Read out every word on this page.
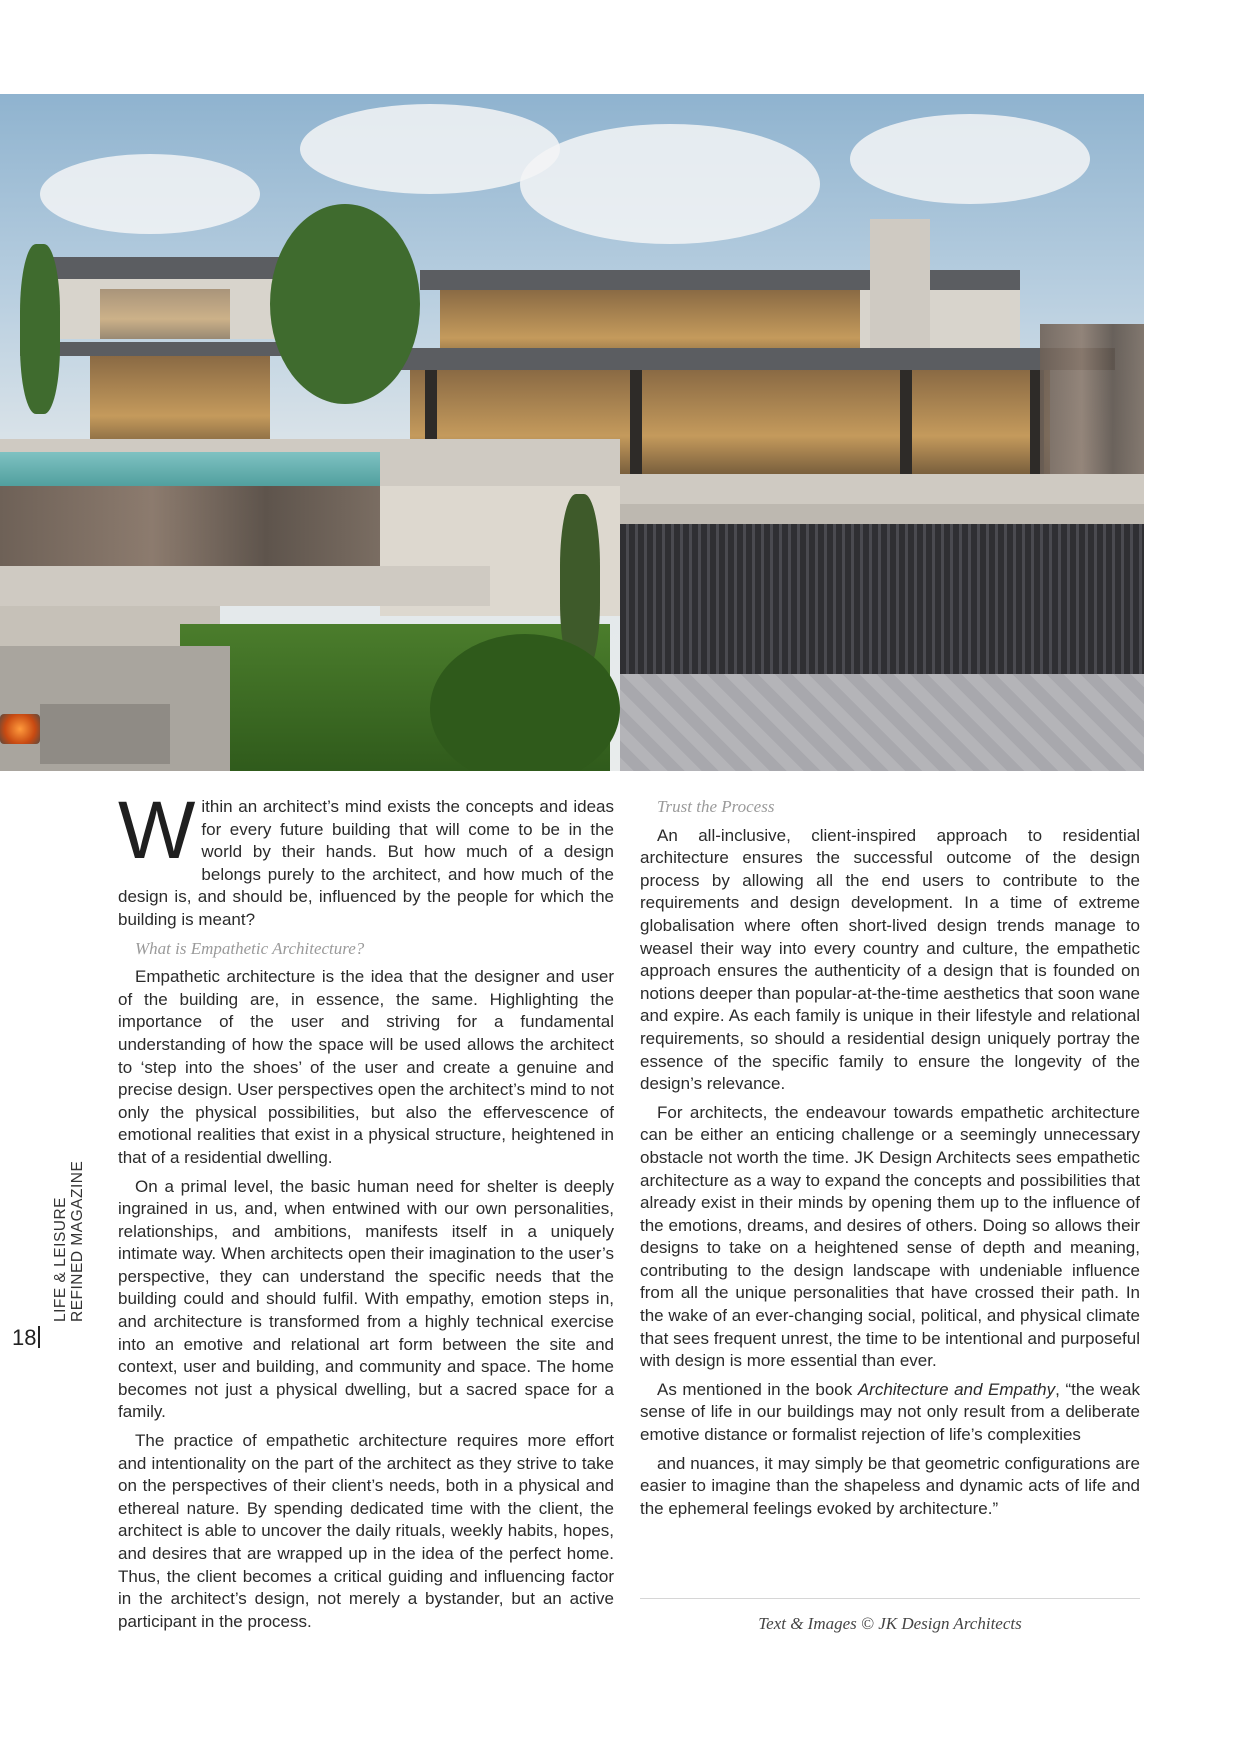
LIFE & LEISURE REFINED MAGAZINE
18

Within an architect’s mind exists the concepts and ideas for every future building that will come to be in the world by their hands. But how much of a design belongs purely to the architect, and how much of the design is, and should be, influenced by the people for which the building is meant?

What is Empathetic Architecture?

Empathetic architecture is the idea that the designer and user of the building are, in essence, the same. Highlighting the importance of the user and striving for a fundamental understanding of how the space will be used allows the architect to ‘step into the shoes’ of the user and create a genuine and precise design. User perspectives open the architect’s mind to not only the physical possibilities, but also the effervescence of emotional realities that exist in a physical structure, heightened in that of a residential dwelling.

On a primal level, the basic human need for shelter is deeply ingrained in us, and, when entwined with our own personalities, relationships, and ambitions, manifests itself in a uniquely intimate way. When architects open their imagination to the user’s perspective, they can understand the specific needs that the building could and should fulfil. With empathy, emotion steps in, and architecture is transformed from a highly technical exercise into an emotive and relational art form between the site and context, user and building, and community and space. The home becomes not just a physical dwelling, but a sacred space for a family.

The practice of empathetic architecture requires more effort and intentionality on the part of the architect as they strive to take on the perspectives of their client’s needs, both in a physical and ethereal nature. By spending dedicated time with the client, the architect is able to uncover the daily rituals, weekly habits, hopes, and desires that are wrapped up in the idea of the perfect home. Thus, the client becomes a critical guiding and influencing factor in the architect’s design, not merely a bystander, but an active participant in the process.

Trust the Process

An all-inclusive, client-inspired approach to residential architecture ensures the successful outcome of the design process by allowing all the end users to contribute to the requirements and design development. In a time of extreme globalisation where often short-lived design trends manage to weasel their way into every country and culture, the empathetic approach ensures the authenticity of a design that is founded on notions deeper than popular-at-the-time aesthetics that soon wane and expire. As each family is unique in their lifestyle and relational requirements, so should a residential design uniquely portray the essence of the specific family to ensure the longevity of the design’s relevance.

For architects, the endeavour towards empathetic architecture can be either an enticing challenge or a seemingly unnecessary obstacle not worth the time. JK Design Architects sees empathetic architecture as a way to expand the concepts and possibilities that already exist in their minds by opening them up to the influence of the emotions, dreams, and desires of others. Doing so allows their designs to take on a heightened sense of depth and meaning, contributing to the design landscape with undeniable influence from all the unique personalities that have crossed their path. In the wake of an ever-changing social, political, and physical climate that sees frequent unrest, the time to be intentional and purposeful with design is more essential than ever.

As mentioned in the book Architecture and Empathy, “the weak sense of life in our buildings may not only result from a deliberate emotive distance or formalist rejection of life’s complexities

and nuances, it may simply be that geometric configurations are easier to imagine than the shapeless and dynamic acts of life and the ephemeral feelings evoked by architecture.”

Text & Images © JK Design Architects
